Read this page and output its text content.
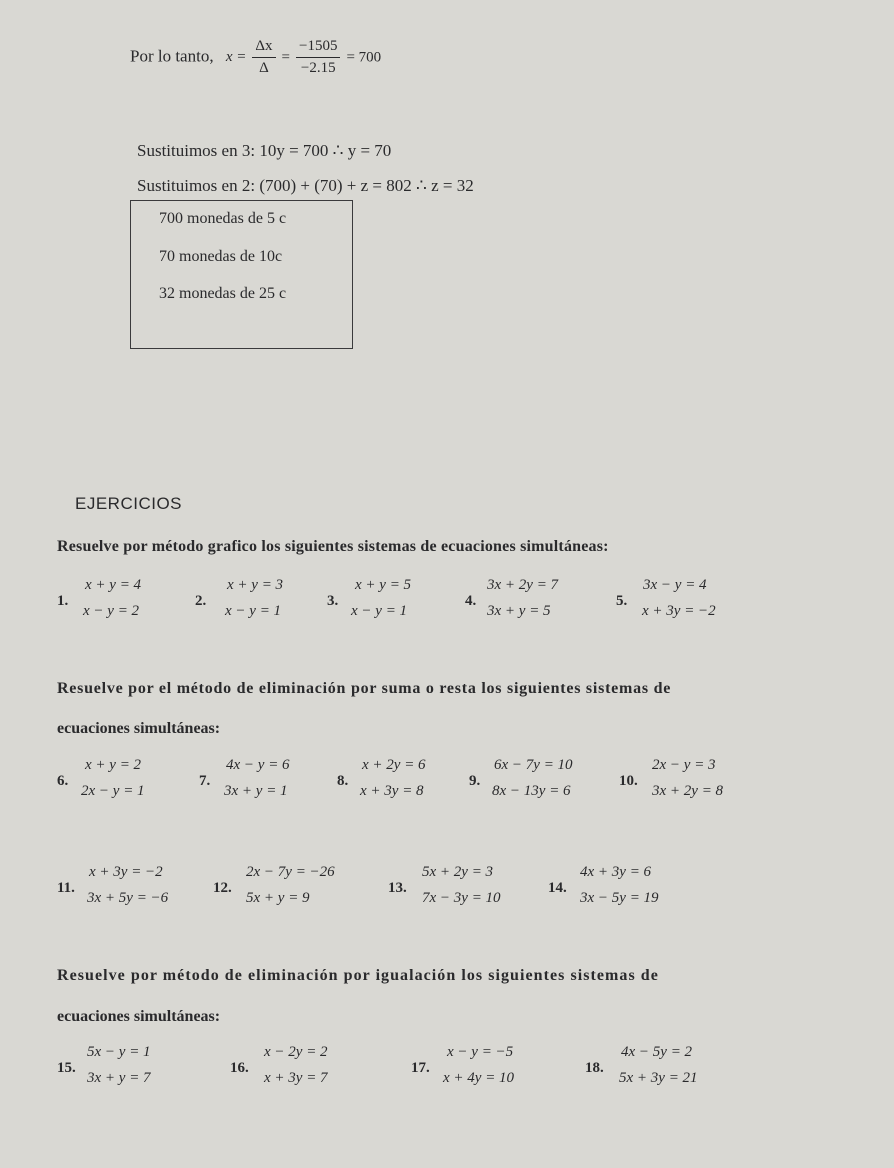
Por lo tanto, $x = \frac{\Delta x}{\Delta} = \frac{-1505}{-2.15} = 700$
Sustituimos en 3: 10y = 700 ∴ y = 70
Sustituimos en 2: (700) + (70) + z = 802 ∴ z = 32
700 monedas de 5 c
70 monedas de 10c
32 monedas de 25 c
EJERCICIOS
Resuelve por método grafico los siguientes sistemas de ecuaciones simultáneas:
1.
x + y = 4
x − y = 2
2.
x + y = 3
x − y = 1
3.
x + y = 5
x − y = 1
4.
3x + 2y = 7
3x + y = 5
5.
3x − y = 4
x + 3y = −2
Resuelve por el método de eliminación por suma o resta los siguientes sistemas de
ecuaciones simultáneas:
6.
x + y = 2
2x − y = 1
7.
4x − y = 6
3x + y = 1
8.
x + 2y = 6
x + 3y = 8
9.
6x − 7y = 10
8x − 13y = 6
10.
2x − y = 3
3x + 2y = 8
11.
x + 3y = −2
3x + 5y = −6
12.
2x − 7y = −26
5x + y = 9
13.
5x + 2y = 3
7x − 3y = 10
14.
4x + 3y = 6
3x − 5y = 19
Resuelve por método de eliminación por igualación los siguientes sistemas de
ecuaciones simultáneas:
15.
5x − y = 1
3x + y = 7
16.
x − 2y = 2
x + 3y = 7
17.
x − y = −5
x + 4y = 10
18.
4x − 5y = 2
5x + 3y = 21
